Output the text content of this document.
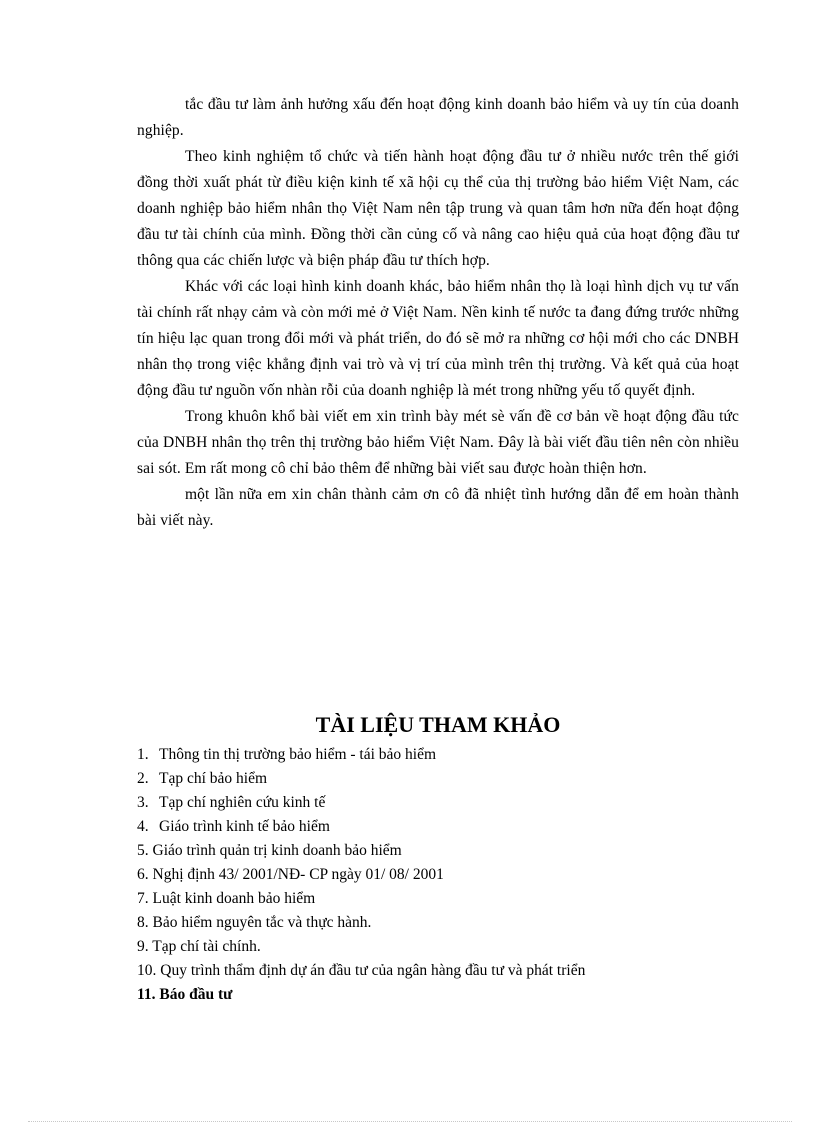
tắc đầu tư làm ảnh hưởng xấu đến hoạt động kinh doanh bảo hiểm và uy tín của doanh nghiệp.

Theo kinh nghiệm tổ chức và tiến hành hoạt động đầu tư ở nhiều nước trên thế giới đồng thời xuất phát từ điều kiện kinh tế xã hội cụ thể của thị trường bảo hiểm Việt Nam, các doanh nghiệp bảo hiểm nhân thọ Việt Nam nên tập trung và quan tâm hơn nữa đến hoạt động đầu tư tài chính của mình. Đồng thời cần củng cố và nâng cao hiệu quả của hoạt động đầu tư thông qua các chiến lược và biện pháp đầu tư thích hợp.

Khác với các loại hình kinh doanh khác, bảo hiểm nhân thọ là loại hình dịch vụ tư vấn tài chính rất nhạy cảm và còn mới mẻ ở Việt Nam. Nền kinh tế nước ta đang đứng trước những tín hiệu lạc quan trong đổi mới và phát triển, do đó sẽ mở ra những cơ hội mới cho các DNBH nhân thọ trong việc khẳng định vai trò và vị trí của mình trên thị trường. Và kết quả của hoạt động đầu tư nguồn vốn nhàn rỗi của doanh nghiệp là mét trong những yếu tố quyết định.

Trong khuôn khổ bài viết em xin trình bày mét sè vấn đề cơ bản về hoạt động đầu tức của DNBH nhân thọ trên thị trường bảo hiểm Việt Nam. Đây là bài viết đầu tiên nên còn nhiều sai sót. Em rất mong cô chỉ bảo thêm để những bài viết sau được hoàn thiện hơn.

một lần nữa em xin chân thành cảm ơn cô đã nhiệt tình hướng dẫn để em hoàn thành bài viết này.

TÀI LIỆU THAM KHẢO
1. Thông tin thị trường bảo hiểm - tái bảo hiểm
2. Tạp chí bảo hiểm
3. Tạp chí nghiên cứu kinh tế
4. Giáo trình kinh tế bảo hiểm
5. Giáo trình quản trị kinh doanh bảo hiểm
6. Nghị định 43/ 2001/NĐ- CP ngày 01/ 08/ 2001
7. Luật kinh doanh bảo hiểm
8. Bảo hiểm nguyên tắc và thực hành.
9. Tạp chí tài chính.
10. Quy trình thẩm định dự án đầu tư của ngân hàng đầu tư và phát triển
11. Báo đầu tư
